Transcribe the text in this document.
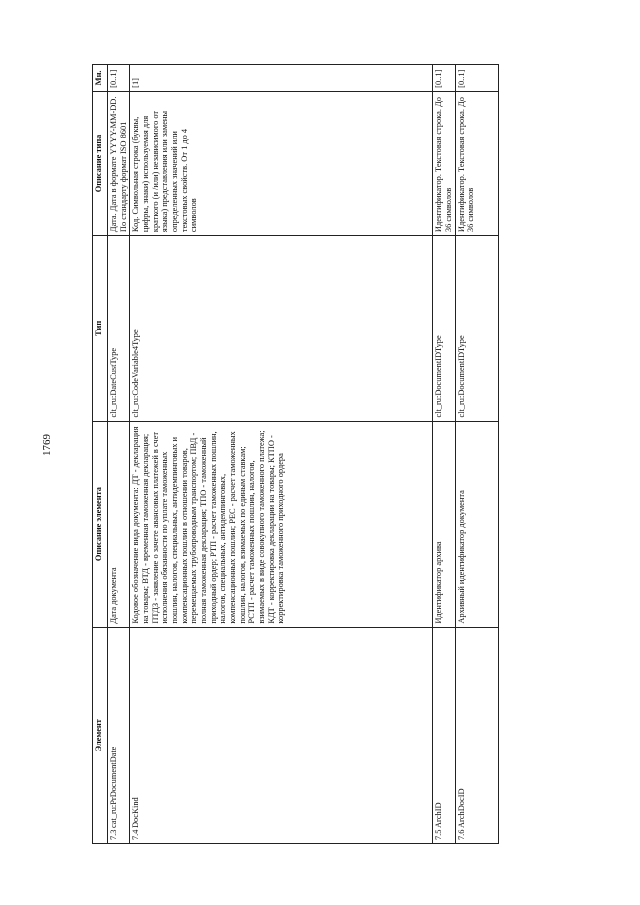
1769
Элемент	Описание элемента	Тип	Описание типа	Мн.
7.3cat_ru:PrDocumentDate	Дата документа	clt_ru:DateCustType	Дата. Дата в формате YYYY-MM-DD. По стандарту формат ISO 8601	[0..1]
7.4DocKind	Кодовое обозначение вида документа: ДТ - декларация на товары; ВТД - временная таможенная декларация; ПТДЗ - заявление о зачете авансовых платежей в счет исполнения обязанности по уплате таможенных пошлин, налогов, специальных, антидемпинговых и компенсационных пошлин в отношении товаров, перемещаемых трубопроводным транспортом; ПВД - полная таможенная декларация; ТПО - таможенный приходный ордер; РТП - расчет таможенных пошлин, налогов, специальных, антидемпинговых, компенсационных пошлин; РЕС - расчет таможенных пошлин, налогов, взимаемых по единым ставкам; РСТП - расчет таможенных пошлин, налогов, взимаемых в виде совокупного таможенного платежа; КДТ - корректировка декларации на товары; КТПО - корректировка таможенного приходного ордера	clt_ru:CodeVariable4Type	Код. Символьная строка (буквы, цифры, знаки) используемая для краткого (и /или) независимого от языка) представления или замены определенных значений или текстовых свойств. От 1 до 4 символов	[1]
7.5ArchID	Идентификатор архива	clt_ru:DocumentIDType	Идентификатор. Текстовая строка. До 36 символов	[0..1]
7.6ArchDocID	Архивный идентификатор документа	clt_ru:DocumentIDType	Идентификатор. Текстовая строка. До 36 символов	[0..1]
